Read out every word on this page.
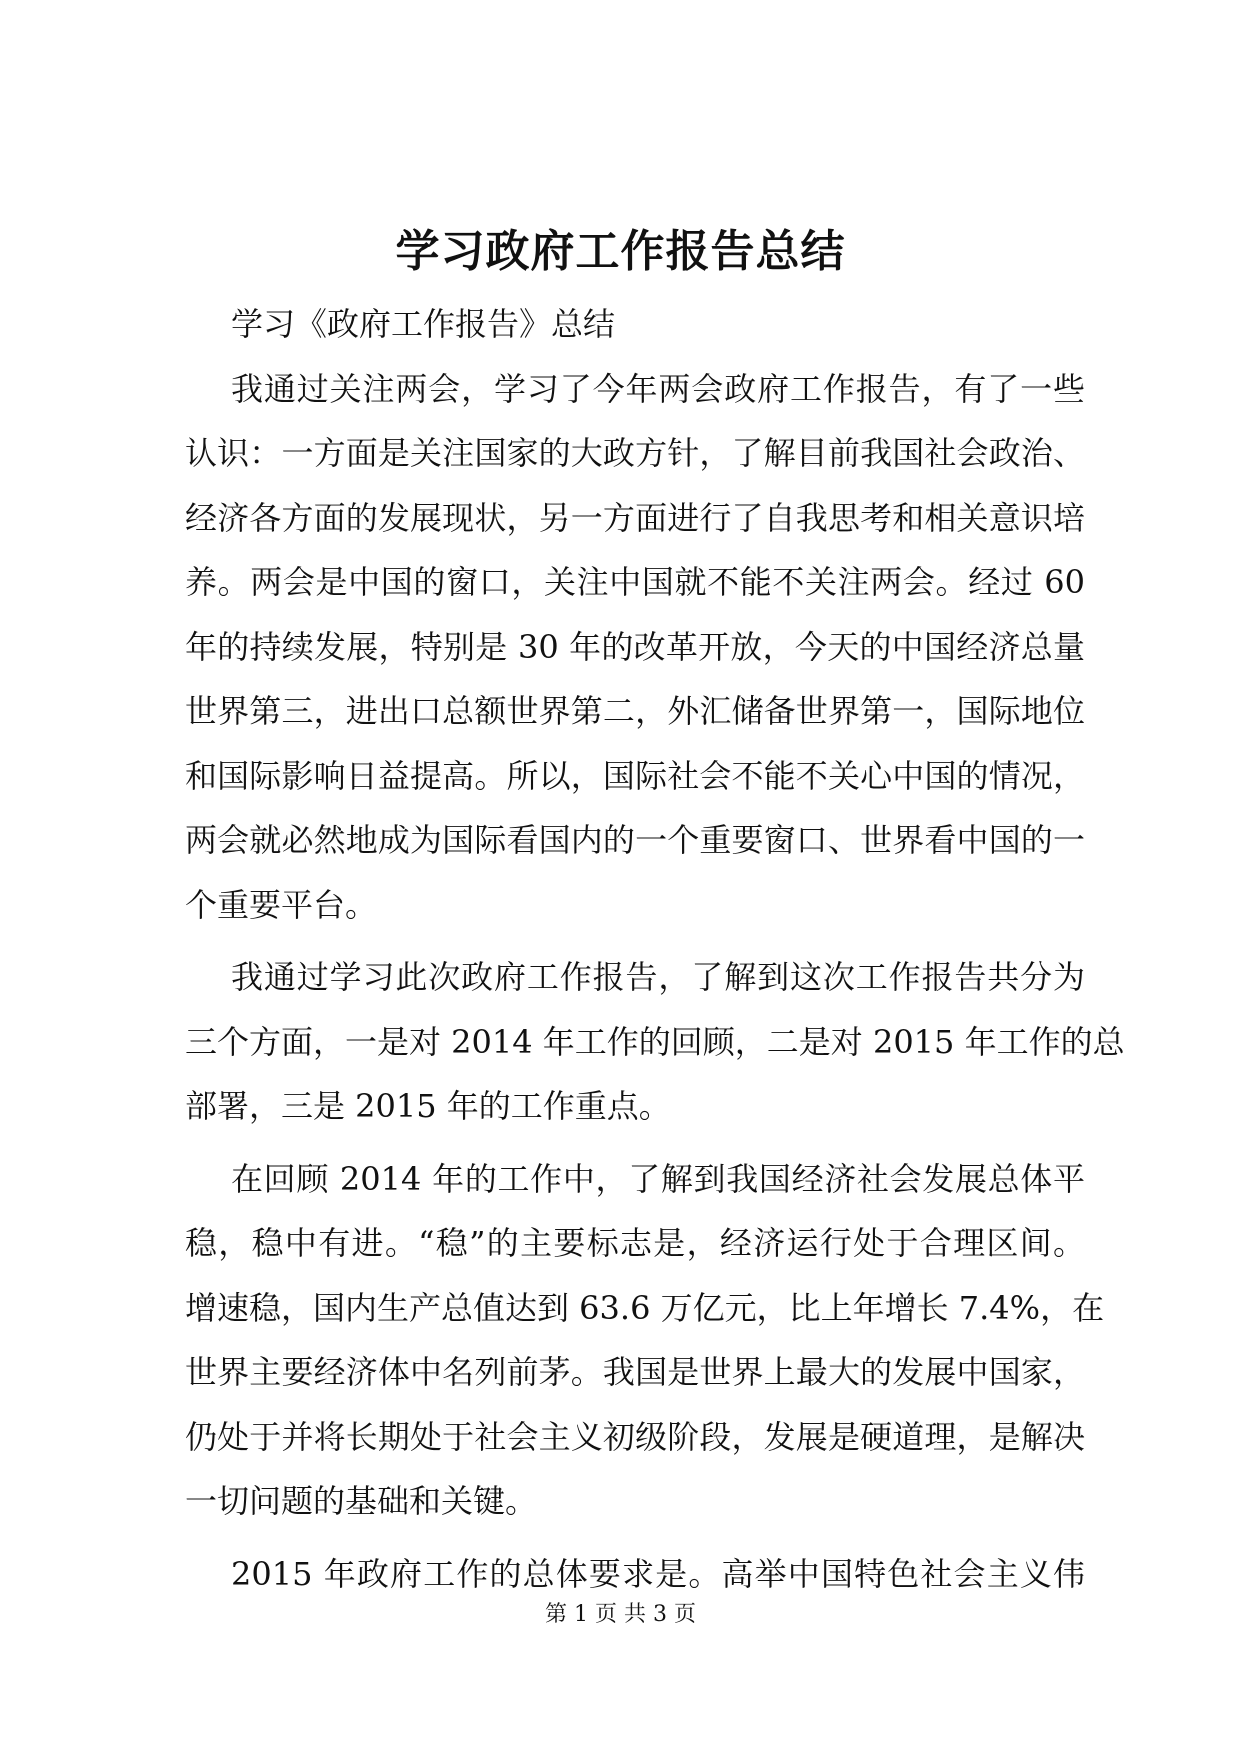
学习政府工作报告总结
学习《政府工作报告》总结
我通过关注两会，学习了今年两会政府工作报告，有了一些
认识：一方面是关注国家的大政方针，了解目前我国社会政治、
经济各方面的发展现状，另一方面进行了自我思考和相关意识培
养。两会是中国的窗口，关注中国就不能不关注两会。经过 60
年的持续发展，特别是 30 年的改革开放，今天的中国经济总量
世界第三，进出口总额世界第二，外汇储备世界第一，国际地位
和国际影响日益提高。所以，国际社会不能不关心中国的情况，
两会就必然地成为国际看国内的一个重要窗口、世界看中国的一
个重要平台。
我通过学习此次政府工作报告，了解到这次工作报告共分为
三个方面，一是对 2014 年工作的回顾，二是对 2015 年工作的总
部署，三是 2015 年的工作重点。
在回顾 2014 年的工作中，了解到我国经济社会发展总体平
稳，稳中有进。“稳”的主要标志是，经济运行处于合理区间。
增速稳，国内生产总值达到 63.6 万亿元，比上年增长 7.4%，在
世界主要经济体中名列前茅。我国是世界上最大的发展中国家，
仍处于并将长期处于社会主义初级阶段，发展是硬道理，是解决
一切问题的基础和关键。
2015 年政府工作的总体要求是。高举中国特色社会主义伟
第 1 页 共 3 页
